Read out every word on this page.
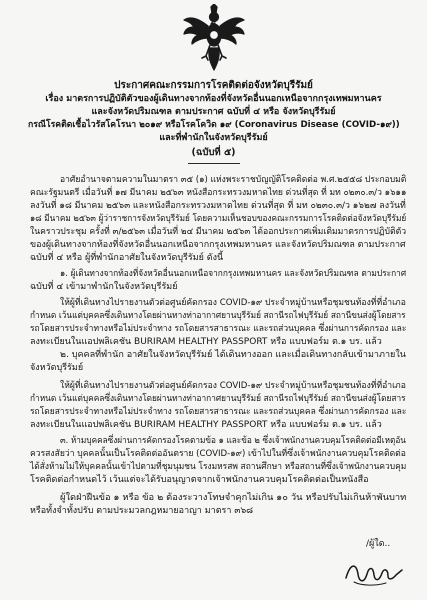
ประกาศคณะกรรมการโรคติดต่อจังหวัดบุรีรัมย์
เรื่อง มาตรการปฏิบัติตัวของผู้เดินทางจากท้องที่จังหวัดอื่นนอกเหนือจากกรุงเทพมหานคร
และจังหวัดปริมณฑล ตามประกาศ ฉบับที่ ๔ หรือ จังหวัดบุรีรัมย์
กรณีโรคติดเชื้อไวรัสโคโรนา ๒๐๑๙ หรือโรคโควิด ๑๙ (Coronavirus Disease (COVID-๑๙))
และที่พำนักในจังหวัดบุรีรัมย์
(ฉบับที่ ๕)
อาศัยอำนาจตามความในมาตรา ๓๕ (๑) แห่งพระราชบัญญัติโรคติดต่อ พ.ศ.๒๕๕๘ ประกอบมติ
คณะรัฐมนตรี เมื่อวันที่ ๑๗ มีนาคม ๒๕๖๓ หนังสือกระทรวงมหาดไทย ด่วนที่สุด ที่ มท ๐๒๓๐.๓/ว ๑๖๑๑
ลงวันที่ ๑๘ มีนาคม ๒๕๖๓ และหนังสือกระทรวงมหาดไทย ด่วนที่สุด ที่ มท ๐๒๓๐.๓/ว ๑๖๒๗ ลงวันที่
๑๘ มีนาคม ๒๕๖๓ ผู้ว่าราชการจังหวัดบุรีรัมย์ โดยความเห็นชอบของคณะกรรมการโรคติดต่อจังหวัดบุรีรัมย์
ในคราวประชุม ครั้งที่ ๓/๒๕๖๓ เมื่อวันที่ ๒๔ มีนาคม ๒๕๖๓ ได้ออกประกาศเพิ่มเติมมาตรการปฏิบัติตัว
ของผู้เดินทางจากท้องที่จังหวัดอื่นนอกเหนือจากกรุงเทพมหานคร และจังหวัดปริมณฑล ตามประกาศ
ฉบับที่ ๔ หรือ ผู้ที่พำนักอาศัยในจังหวัดบุรีรัมย์ ดังนี้
๑. ผู้เดินทางจากท้องที่จังหวัดอื่นนอกเหนือจากกรุงเทพมหานคร และจังหวัดปริมณฑล ตามประกาศ
ฉบับที่ ๔ เข้ามาพำนักในจังหวัดบุรีรัมย์
ให้ผู้ที่เดินทางไปรายงานตัวต่อศูนย์คัดกรอง COVID-๑๙ ประจำหมู่บ้านหรือชุมชนท้องที่ที่อำเภอ
กำหนด เว้นแต่บุคคลซึ่งเดินทางโดยผ่านทางท่าอากาศยานบุรีรัมย์ สถานีรถไฟบุรีรัมย์ สถานีขนส่งผู้โดยสาร
รถโดยสารประจำทางหรือไม่ประจำทาง รถโดยสารสาธารณะ และรถส่วนบุคคล ซึ่งผ่านการคัดกรอง และ
ลงทะเบียนในแอปพลิเคชัน BURIRAM HEALTHY PASSPORT หรือ แบบฟอร์ม ต.๑ บร. แล้ว
๒. บุคคลที่พำนัก อาศัยในจังหวัดบุรีรัมย์ ได้เดินทางออก และเมื่อเดินทางกลับเข้ามาภายใน
จังหวัดบุรีรัมย์
ให้ผู้ที่เดินทางไปรายงานตัวต่อศูนย์คัดกรอง COVID-๑๙ ประจำหมู่บ้านหรือชุมชนท้องที่ที่อำเภอ
กำหนด เว้นแต่บุคคลซึ่งเดินทางโดยผ่านทางท่าอากาศยานบุรีรัมย์ สถานีรถไฟบุรีรัมย์ สถานีขนส่งผู้โดยสาร
รถโดยสารประจำทางหรือไม่ประจำทาง รถโดยสารสาธารณะ และรถส่วนบุคคล ซึ่งผ่านการคัดกรอง และ
ลงทะเบียนในแอปพลิเคชัน BURIRAM HEALTHY PASSPORT หรือ แบบฟอร์ม ต.๑ บร. แล้ว
๓. ห้ามบุคคลซึ่งผ่านการคัดกรองโรคตามข้อ ๑ และข้อ ๒ ซึ่งเจ้าพนักงานควบคุมโรคติดต่อมีเหตุอัน
ควรสงสัยว่า บุคคลนั้นเป็นโรคติดต่ออันตราย (COVID-๑๙) เข้าไปในที่ซึ่งเจ้าพนักงานควบคุมโรคติดต่อ
ได้สั่งห้ามไม่ให้บุคคลนั้นเข้าไปตามที่ชุมนุมชน โรงมหรสพ สถานศึกษา หรือสถานที่ซึ่งเจ้าพนักงานควบคุม
โรคติดต่อกำหนดไว้ เว้นแต่จะได้รับอนุญาตจากเจ้าพนักงานควบคุมโรคติดต่อเป็นหนังสือ
ผู้ใดฝ่าฝืนข้อ ๑ หรือ ข้อ ๒ ต้องระวางโทษจำคุกไม่เกิน ๑๐ วัน หรือปรับไม่เกินห้าพันบาท
หรือทั้งจำทั้งปรับ ตามประมวลกฎหมายอาญา มาตรา ๓๖๘
/ผู้ใด..
